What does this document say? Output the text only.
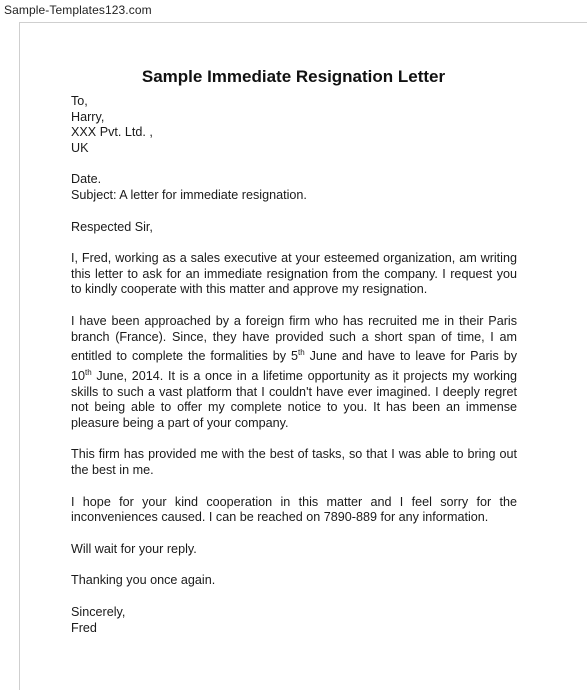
Sample-Templates123.com
Sample Immediate Resignation Letter
To,
Harry,
XXX Pvt. Ltd. ,
UK
Date.
Subject: A letter for immediate resignation.
Respected Sir,
I, Fred, working as a sales executive at your esteemed organization, am writing this letter to ask for an immediate resignation from the company. I request you to kindly cooperate with this matter and approve my resignation.
I have been approached by a foreign firm who has recruited me in their Paris branch (France). Since, they have provided such a short span of time, I am entitled to complete the formalities by 5th June and have to leave for Paris by 10th June, 2014. It is a once in a lifetime opportunity as it projects my working skills to such a vast platform that I couldn't have ever imagined. I deeply regret not being able to offer my complete notice to you. It has been an immense pleasure being a part of your company.
This firm has provided me with the best of tasks, so that I was able to bring out the best in me.
I hope for your kind cooperation in this matter and I feel sorry for the inconveniences caused. I can be reached on 7890-889 for any information.
Will wait for your reply.
Thanking you once again.
Sincerely,
Fred
